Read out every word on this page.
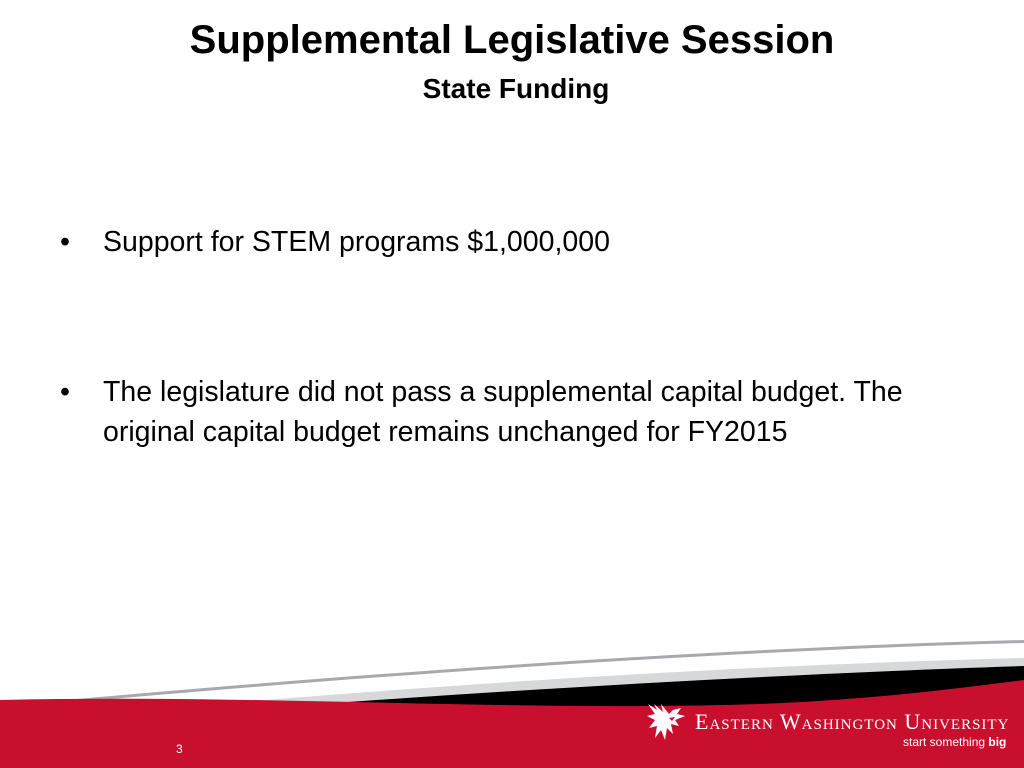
Supplemental Legislative Session
State Funding
• Support for STEM programs $1,000,000
• The legislature did not pass a supplemental capital budget. The original capital budget remains unchanged for FY2015
3
Eastern Washington University
start something big
